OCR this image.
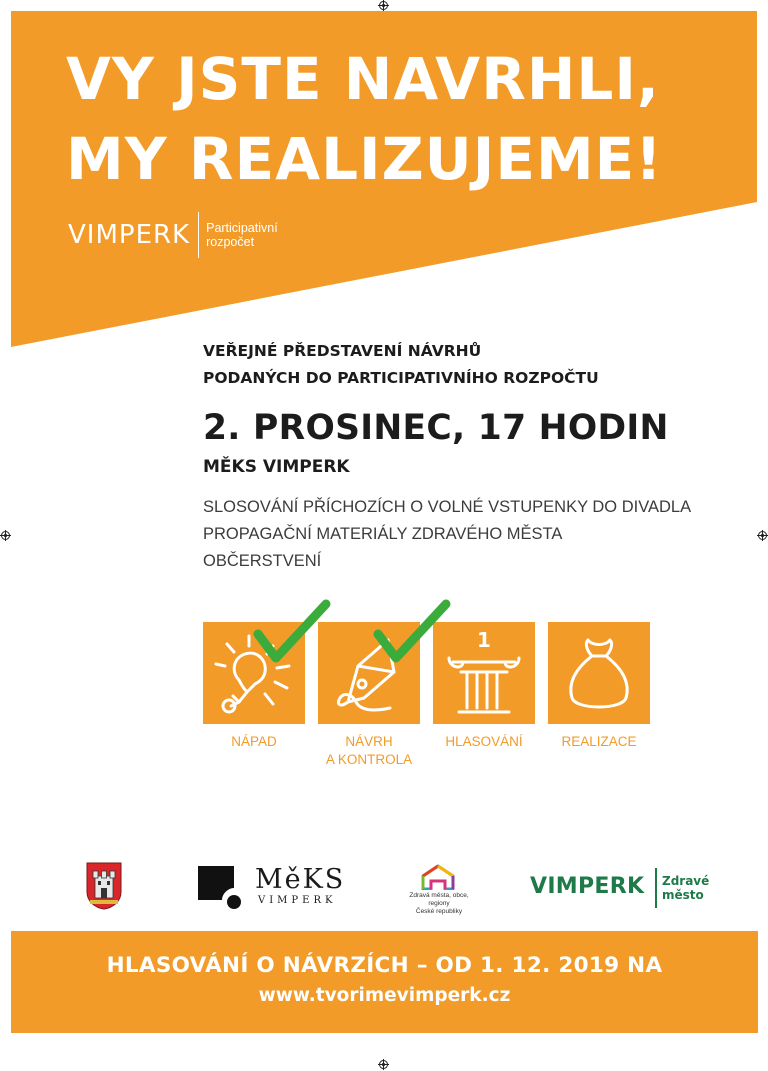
VY JSTE NAVRHLI,
MY REALIZUJEME!
VIMPERK Participativní
rozpočet
VEŘEJNÉ PŘEDSTAVENÍ NÁVRHŮ
PODANÝCH DO PARTICIPATIVNÍHO ROZPOČTU
2. PROSINEC, 17 HODIN
MĚKS VIMPERK
SLOSOVÁNÍ PŘÍCHOZÍCH O VOLNÉ VSTUPENKY DO DIVADLA
PROPAGAČNÍ MATERIÁLY ZDRAVÉHO MĚSTA
OBČERSTVENÍ
1
NÁPAD	NÁVRH
A KONTROLA
HLASOVÁNÍ	REALIZACE
MěKS
VIMPERK	Zdravá města, obce, regiony
České republiky
VIMPERK Zdravé
město
HLASOVÁNÍ O NÁVRZÍCH – OD 1. 12. 2019 NA
www.tvorimevimperk.cz
